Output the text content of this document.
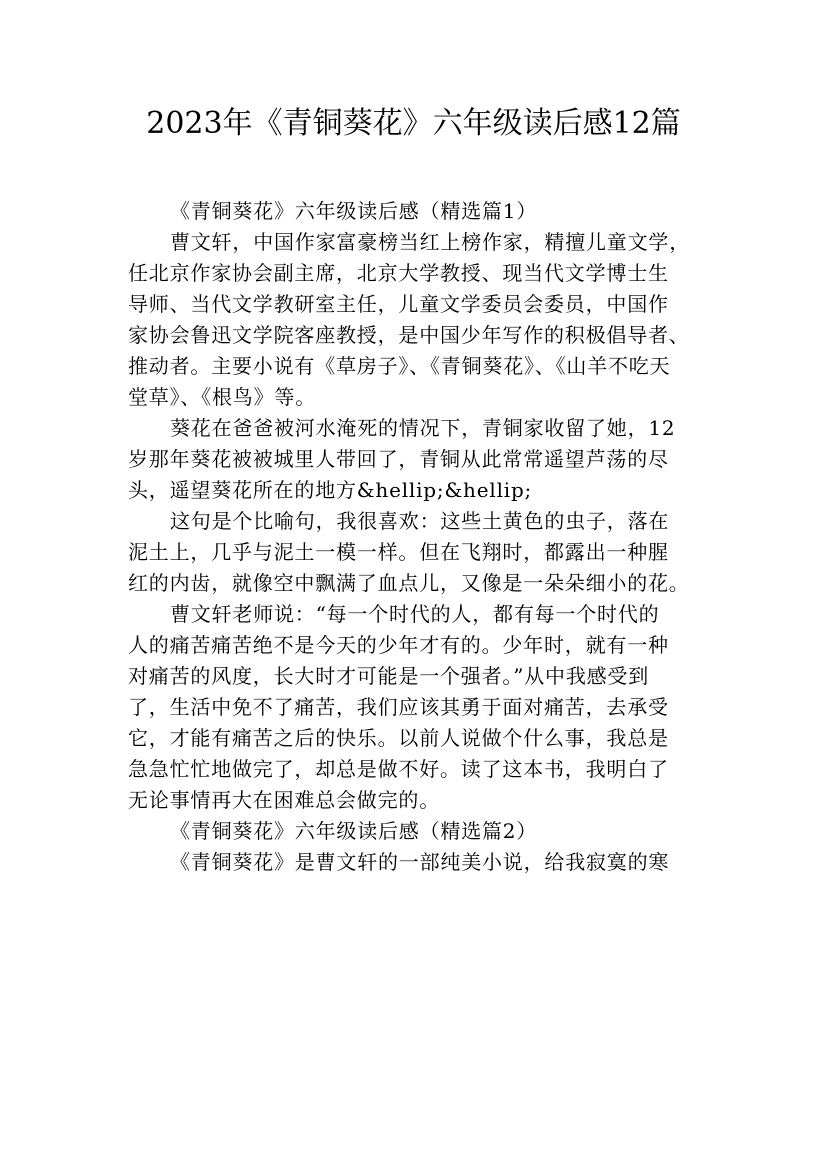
2023年《青铜葵花》六年级读后感12篇
《青铜葵花》六年级读后感（精选篇1）
曹文轩，中国作家富豪榜当红上榜作家，精擅儿童文学，
任北京作家协会副主席，北京大学教授、现当代文学博士生
导师、当代文学教研室主任，儿童文学委员会委员，中国作
家协会鲁迅文学院客座教授，是中国少年写作的积极倡导者、
推动者。主要小说有《草房子》、《青铜葵花》、《山羊不吃天
堂草》、《根鸟》等。
葵花在爸爸被河水淹死的情况下，青铜家收留了她，12
岁那年葵花被被城里人带回了，青铜从此常常遥望芦荡的尽
头，遥望葵花所在的地方&hellip;&hellip;
这句是个比喻句，我很喜欢：这些土黄色的虫子，落在
泥土上，几乎与泥土一模一样。但在飞翔时，都露出一种腥
红的内齿，就像空中飘满了血点儿，又像是一朵朵细小的花。
曹文轩老师说：“每一个时代的人，都有每一个时代的
人的痛苦痛苦绝不是今天的少年才有的。少年时，就有一种
对痛苦的风度，长大时才可能是一个强者。”从中我感受到
了，生活中免不了痛苦，我们应该其勇于面对痛苦，去承受
它，才能有痛苦之后的快乐。以前人说做个什么事，我总是
急急忙忙地做完了，却总是做不好。读了这本书，我明白了
无论事情再大在困难总会做完的。
《青铜葵花》六年级读后感（精选篇2）
《青铜葵花》是曹文轩的一部纯美小说，给我寂寞的寒
